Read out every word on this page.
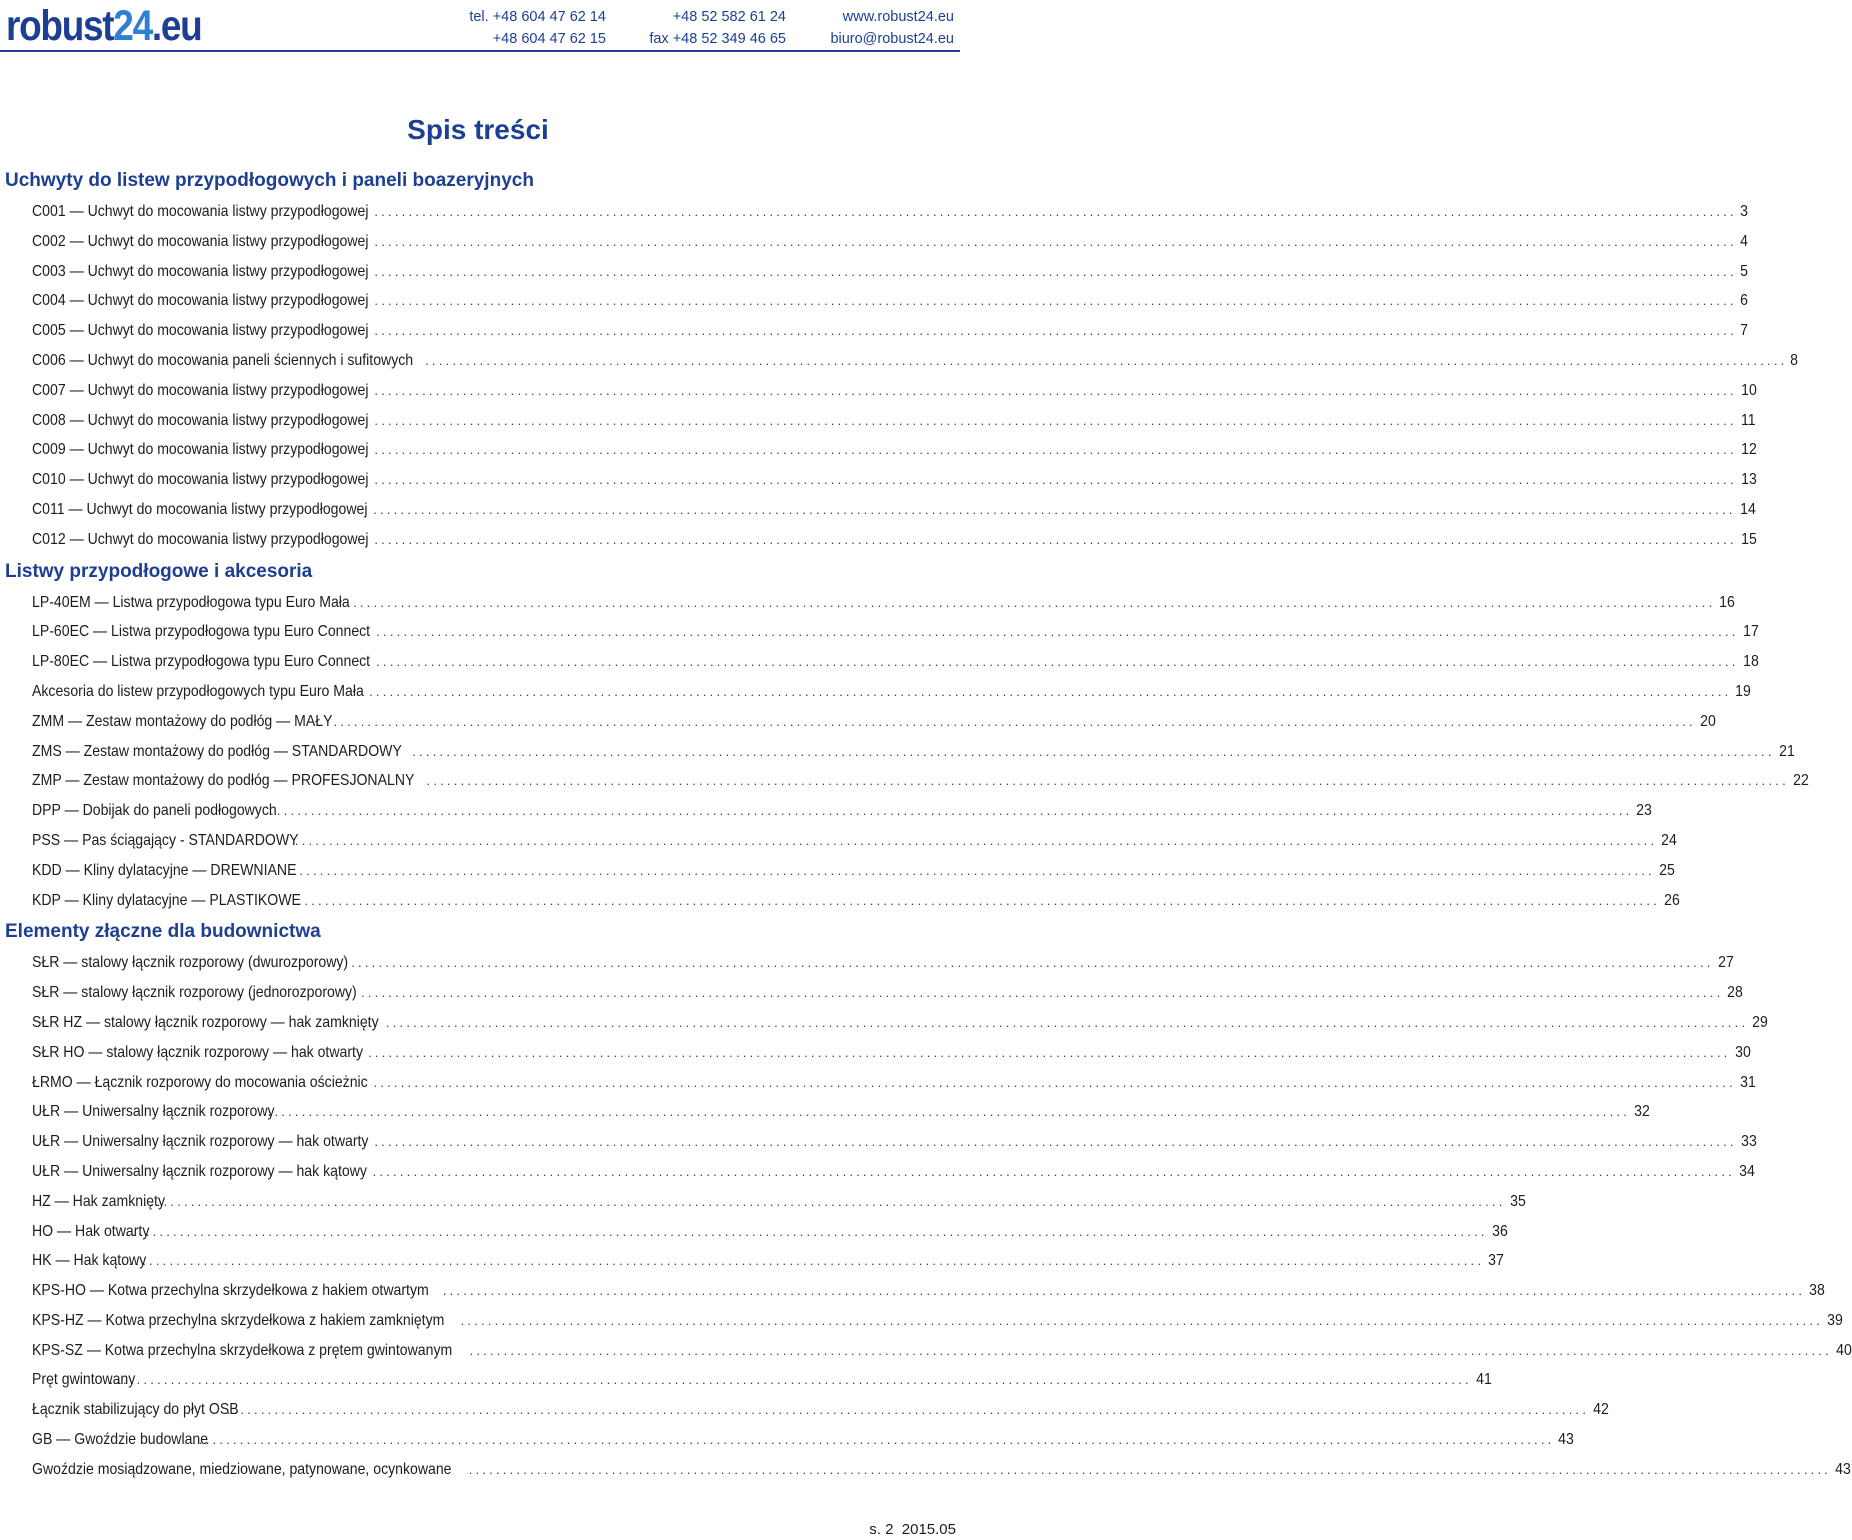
robust24.eu	tel. +48 604 47 62 14
+48 604 47 62 15
+48 52 582 61 24
fax +48 52 349 46 65
www.robust24.eu
biuro@robust24.eu
Spis treści
Uchwyty do listew przypodłogowych i paneli boazeryjnych
C001 — Uchwyt do mocowania listwy przypodłogowej ........................................................................................................................................................................................................ 3
C002 — Uchwyt do mocowania listwy przypodłogowej ........................................................................................................................................................................................................ 4
C003 — Uchwyt do mocowania listwy przypodłogowej ........................................................................................................................................................................................................ 5
C004 — Uchwyt do mocowania listwy przypodłogowej ........................................................................................................................................................................................................ 6
C005 — Uchwyt do mocowania listwy przypodłogowej ........................................................................................................................................................................................................ 7
C006 — Uchwyt do mocowania paneli ściennych i sufitowych ........................................................................................................................................................................................................ 8
C007 — Uchwyt do mocowania listwy przypodłogowej ........................................................................................................................................................................................................ 10
C008 — Uchwyt do mocowania listwy przypodłogowej ........................................................................................................................................................................................................ 11
C009 — Uchwyt do mocowania listwy przypodłogowej ........................................................................................................................................................................................................ 12
C010 — Uchwyt do mocowania listwy przypodłogowej ........................................................................................................................................................................................................ 13
C011 — Uchwyt do mocowania listwy przypodłogowej ........................................................................................................................................................................................................ 14
C012 — Uchwyt do mocowania listwy przypodłogowej ........................................................................................................................................................................................................ 15
Listwy przypodłogowe i akcesoria
LP-40EM — Listwa przypodłogowa typu Euro Mała ........................................................................................................................................................................................................ 16
LP-60EC — Listwa przypodłogowa typu Euro Connect ........................................................................................................................................................................................................ 17
LP-80EC — Listwa przypodłogowa typu Euro Connect ........................................................................................................................................................................................................ 18
Akcesoria do listew przypodłogowych typu Euro Mała ........................................................................................................................................................................................................ 19
ZMM — Zestaw montażowy do podłóg — MAŁY ........................................................................................................................................................................................................ 20
ZMS — Zestaw montażowy do podłóg — STANDARDOWY ........................................................................................................................................................................................................ 21
ZMP — Zestaw montażowy do podłóg — PROFESJONALNY ........................................................................................................................................................................................................ 22
DPP — Dobijak do paneli podłogowych
........................................................................................................................................................................................................ 23
PSS — Pas ściągający - STANDARDOWY
........................................................................................................................................................................................................ 24
KDD — Kliny dylatacyjne — DREWNIANE
........................................................................................................................................................................................................ 25
KDP — Kliny dylatacyjne — PLASTIKOWE
........................................................................................................................................................................................................ 26
Elementy złączne dla budownictwa
SŁR — stalowy łącznik rozporowy (dwurozporowy) ........................................................................................................................................................................................................ 27
SŁR — stalowy łącznik rozporowy (jednorozporowy) ........................................................................................................................................................................................................ 28
SŁR HZ — stalowy łącznik rozporowy — hak zamknięty ........................................................................................................................................................................................................ 29
SŁR HO — stalowy łącznik rozporowy — hak otwarty ........................................................................................................................................................................................................ 30
ŁRMO — Łącznik rozporowy do mocowania ościeżnic ........................................................................................................................................................................................................ 31
UŁR — Uniwersalny łącznik rozporowy
........................................................................................................................................................................................................ 32
UŁR — Uniwersalny łącznik rozporowy — hak otwarty ........................................................................................................................................................................................................ 33
UŁR — Uniwersalny łącznik rozporowy — hak kątowy ........................................................................................................................................................................................................ 34
HZ — Hak zamknięty
........................................................................................................................................................................................................ 35
HO — Hak otwarty
........................................................................................................................................................................................................ 36
HK — Hak kątowy
........................................................................................................................................................................................................ 37
KPS-HO — Kotwa przechylna skrzydełkowa z hakiem otwartym ........................................................................................................................................................................................................ 38
KPS-HZ — Kotwa przechylna skrzydełkowa z hakiem zamkniętym ........................................................................................................................................................................................................ 39
KPS-SZ — Kotwa przechylna skrzydełkowa z prętem gwintowanym ........................................................................................................................................................................................................ 40
Pręt gwintowany
........................................................................................................................................................................................................ 41
Łącznik stabilizujący do płyt OSB
........................................................................................................................................................................................................ 42
GB — Gwoździe budowlane
........................................................................................................................................................................................................ 43
Gwoździe mosiądzowane, miedziowane, patynowane, ocynkowane ........................................................................................................................................................................................................ 43
s. 2 2015.05
